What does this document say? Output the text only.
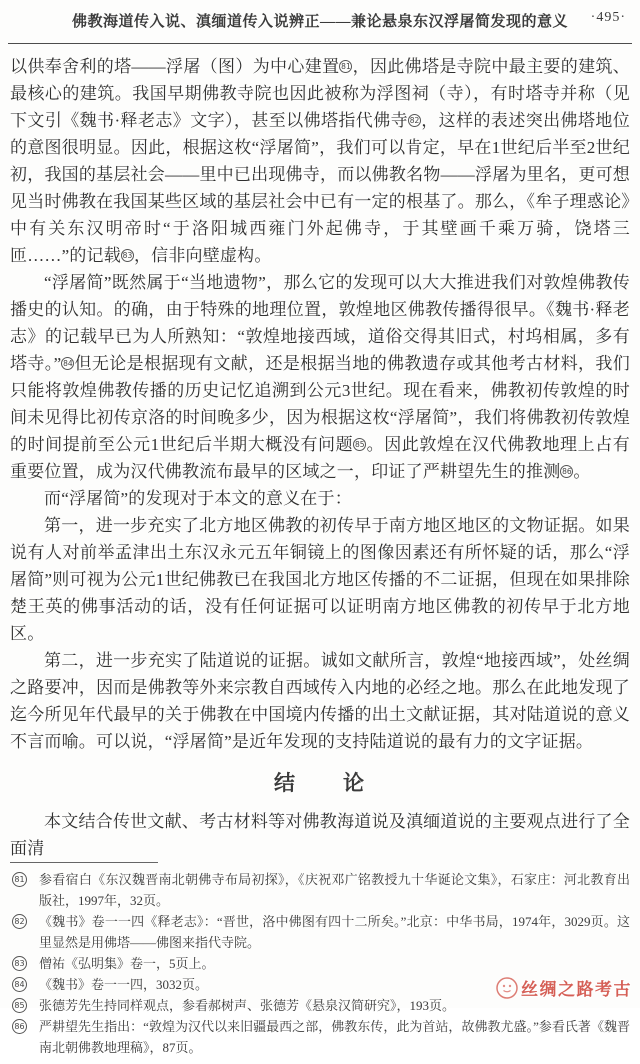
佛教海道传入说、滇缅道传入说辨正——兼论悬泉东汉浮屠简发现的意义	·495·

以供奉舍利的塔——浮屠（图）为中心建置 81 ，因此佛塔是寺院中最主要的建筑、最核心的建筑。我国早期佛教寺院也因此被称为浮图祠（寺），有时塔寺并称（见下文引《魏书·释老志》文字），甚至以佛塔指代佛寺 82 ，这样的表述突出佛塔地位的意图很明显。因此，根据这枚“浮屠简”，我们可以肯定，早在1世纪后半至2世纪初，我国的基层社会——里中已出现佛寺，而以佛教名物——浮屠为里名，更可想见当时佛教在我国某些区域的基层社会中已有一定的根基了。那么，《牟子理惑论》中有关东汉明帝时“于洛阳城西雍门外起佛寺，于其壁画千乘万骑，饶塔三匝……”的记载 83 ，信非向壁虚构。

“浮屠简”既然属于“当地遗物”，那么它的发现可以大大推进我们对敦煌佛教传播史的认知。的确，由于特殊的地理位置，敦煌地区佛教传播得很早。《魏书·释老志》的记载早已为人所熟知：“敦煌地接西域，道俗交得其旧式，村坞相属，多有塔寺。” 84 但无论是根据现有文献，还是根据当地的佛教遗存或其他考古材料，我们只能将敦煌佛教传播的历史记忆追溯到公元3世纪。现在看来，佛教初传敦煌的时间未见得比初传京洛的时间晚多少，因为根据这枚“浮屠简”，我们将佛教初传敦煌的时间提前至公元1世纪后半期大概没有问题 85 。因此敦煌在汉代佛教地理上占有重要位置，成为汉代佛教流布最早的区域之一，印证了严耕望先生的推测 86 。

而“浮屠简”的发现对于本文的意义在于：

第一，进一步充实了北方地区佛教的初传早于南方地区地区的文物证据。如果说有人对前举孟津出土东汉永元五年铜镜上的图像因素还有所怀疑的话，那么“浮屠简”则可视为公元1世纪佛教已在我国北方地区传播的不二证据，但现在如果排除楚王英的佛事活动的话，没有任何证据可以证明南方地区佛教的初传早于北方地区。

第二，进一步充实了陆道说的证据。诚如文献所言，敦煌“地接西域”，处丝绸之路要冲，因而是佛教等外来宗教自西域传入内地的必经之地。那么在此地发现了迄今所见年代最早的关于佛教在中国境内传播的出土文献证据，其对陆道说的意义不言而喻。可以说，“浮屠简”是近年发现的支持陆道说的最有力的文字证据。

结　　论

本文结合传世文献、考古材料等对佛教海道说及滇缅道说的主要观点进行了全面清

81 参看宿白《东汉魏晋南北朝佛寺布局初探》，《庆祝邓广铭教授九十华诞论文集》，石家庄：河北教育出版社，1997年，32页。
82 《魏书》卷一一四《释老志》：“晋世，洛中佛图有四十二所矣。”北京：中华书局，1974年，3029页。这里显然是用佛塔——佛图来指代寺院。
83 僧祐《弘明集》卷一，5页上。
84 《魏书》卷一一四，3032页。
85 张德芳先生持同样观点，参看郝树声、张德芳《悬泉汉简研究》，193页。
86 严耕望先生指出：“敦煌为汉代以来旧疆最西之部，佛教东传，此为首站，故佛教尤盛。”参看氏著《魏晋南北朝佛教地理稿》，87页。
丝绸之路考古
